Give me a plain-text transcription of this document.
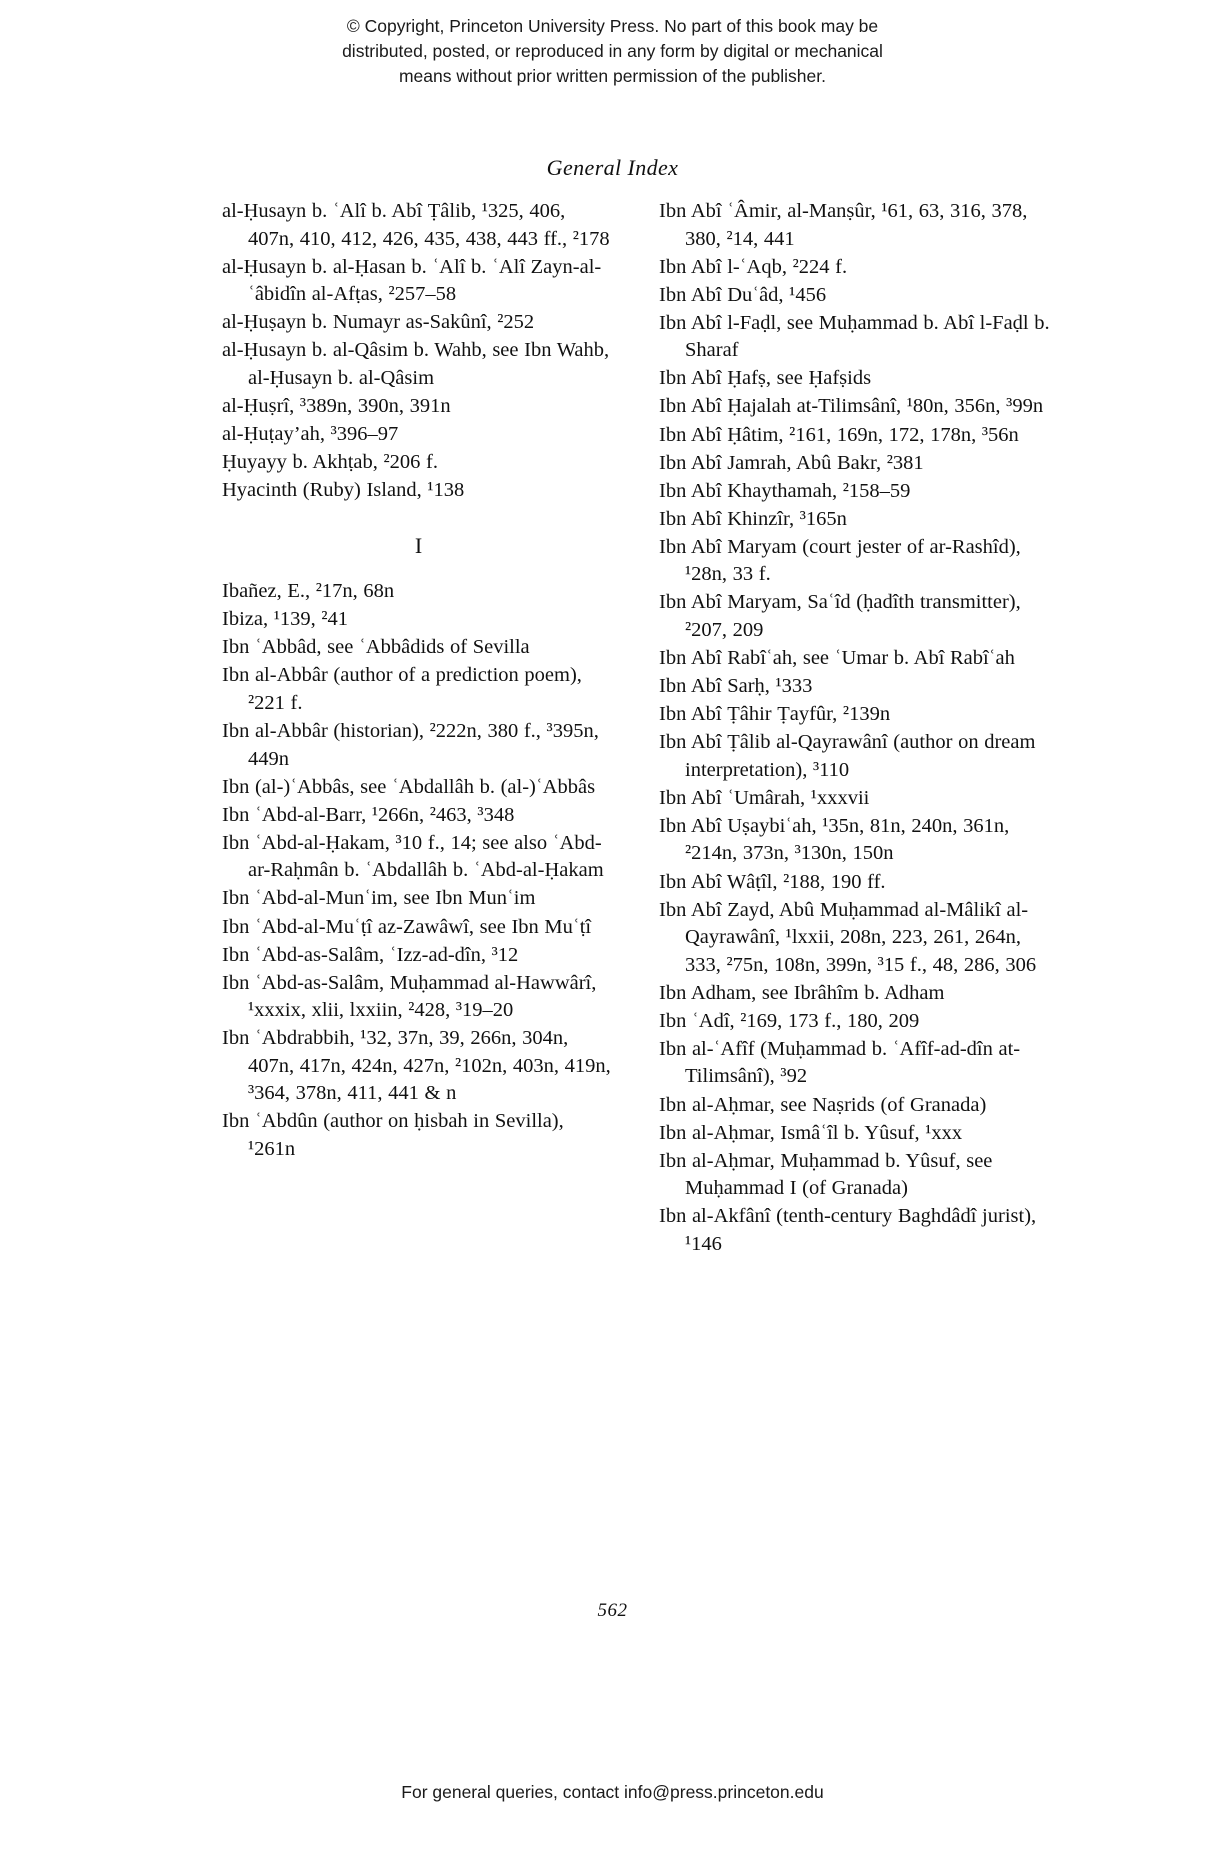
© Copyright, Princeton University Press. No part of this book may be
distributed, posted, or reproduced in any form by digital or mechanical
means without prior written permission of the publisher.
General Index
al-Ḥusayn b. ʿAlî b. Abî Ṭâlib, ¹325, 406, 407n, 410, 412, 426, 435, 438, 443 ff., ²178
al-Ḥusayn b. al-Ḥasan b. ʿAlî b. ʿAlî Zayn-al-ʿâbidîn al-Afṭas, ²257–58
al-Ḥuṣayn b. Numayr as-Sakûnî, ²252
al-Ḥusayn b. al-Qâsim b. Wahb, see Ibn Wahb, al-Ḥusayn b. al-Qâsim
al-Ḥuṣrî, ³389n, 390n, 391n
al-Ḥuṭay’ah, ³396–97
Ḥuyayy b. Akhṭab, ²206 f.
Hyacinth (Ruby) Island, ¹138
I
Ibañez, E., ²17n, 68n
Ibiza, ¹139, ²41
Ibn ʿAbbâd, see ʿAbbâdids of Sevilla
Ibn al-Abbâr (author of a prediction poem), ²221 f.
Ibn al-Abbâr (historian), ²222n, 380 f., ³395n, 449n
Ibn (al-)ʿAbbâs, see ʿAbdallâh b. (al-)ʿAbbâs
Ibn ʿAbd-al-Barr, ¹266n, ²463, ³348
Ibn ʿAbd-al-Ḥakam, ³10 f., 14; see also ʿAbd-ar-Raḥmân b. ʿAbdallâh b. ʿAbd-al-Ḥakam
Ibn ʿAbd-al-Munʿim, see Ibn Munʿim
Ibn ʿAbd-al-Muʿṭî az-Zawâwî, see Ibn Muʿṭî
Ibn ʿAbd-as-Salâm, ʿIzz-ad-dîn, ³12
Ibn ʿAbd-as-Salâm, Muḥammad al-Hawwârî, ¹xxxix, xlii, lxxiin, ²428, ³19–20
Ibn ʿAbdrabbih, ¹32, 37n, 39, 266n, 304n, 407n, 417n, 424n, 427n, ²102n, 403n, 419n, ³364, 378n, 411, 441 & n
Ibn ʿAbdûn (author on ḥisbah in Sevilla), ¹261n
Ibn Abî ʿÂmir, al-Manṣûr, ¹61, 63, 316, 378, 380, ²14, 441
Ibn Abî l-ʿAqb, ²224 f.
Ibn Abî Duʿâd, ¹456
Ibn Abî l-Faḍl, see Muḥammad b. Abî l-Faḍl b. Sharaf
Ibn Abî Ḥafṣ, see Ḥafṣids
Ibn Abî Ḥajalah at-Tilimsânî, ¹80n, 356n, ³99n
Ibn Abî Ḥâtim, ²161, 169n, 172, 178n, ³56n
Ibn Abî Jamrah, Abû Bakr, ²381
Ibn Abî Khaythamah, ²158–59
Ibn Abî Khinzîr, ³165n
Ibn Abî Maryam (court jester of ar-Rashîd), ¹28n, 33 f.
Ibn Abî Maryam, Saʿîd (ḥadîth transmitter), ²207, 209
Ibn Abî Rabîʿah, see ʿUmar b. Abî Rabîʿah
Ibn Abî Sarḥ, ¹333
Ibn Abî Ṭâhir Ṭayfûr, ²139n
Ibn Abî Ṭâlib al-Qayrawânî (author on dream interpretation), ³110
Ibn Abî ʿUmârah, ¹xxxvii
Ibn Abî Uṣaybiʿah, ¹35n, 81n, 240n, 361n, ²214n, 373n, ³130n, 150n
Ibn Abî Wâṭîl, ²188, 190 ff.
Ibn Abî Zayd, Abû Muḥammad al-Mâlikî al-Qayrawânî, ¹lxxii, 208n, 223, 261, 264n, 333, ²75n, 108n, 399n, ³15 f., 48, 286, 306
Ibn Adham, see Ibrâhîm b. Adham
Ibn ʿAdî, ²169, 173 f., 180, 209
Ibn al-ʿAfîf (Muḥammad b. ʿAfîf-ad-dîn at-Tilimsânî), ³92
Ibn al-Aḥmar, see Naṣrids (of Granada)
Ibn al-Aḥmar, Ismâʿîl b. Yûsuf, ¹xxx
Ibn al-Aḥmar, Muḥammad b. Yûsuf, see Muḥammad I (of Granada)
Ibn al-Akfânî (tenth-century Baghdâdî jurist), ¹146
562
For general queries, contact info@press.princeton.edu
